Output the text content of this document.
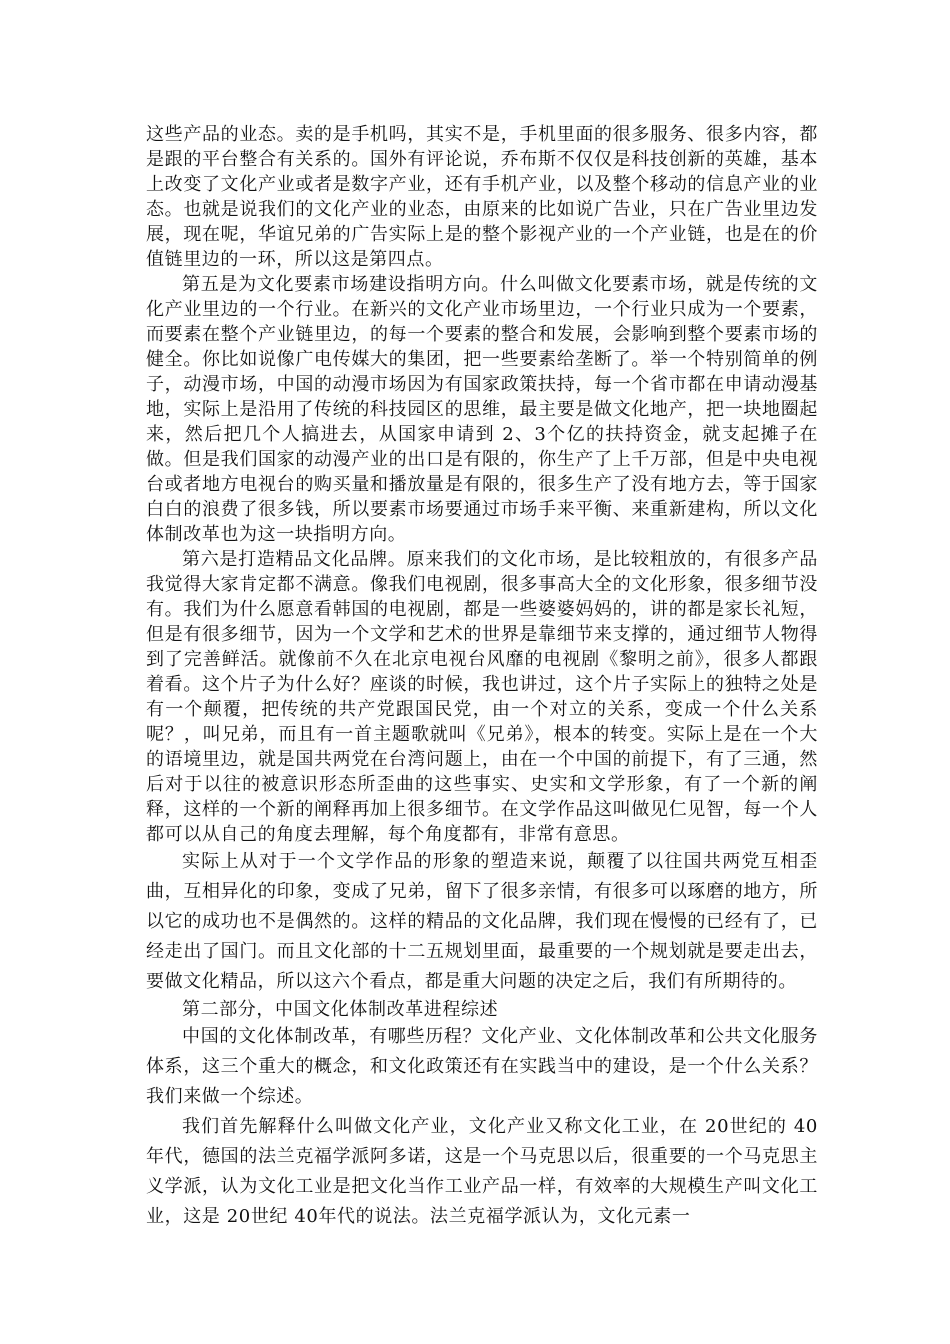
这些产品的业态。卖的是手机吗，其实不是，手机里面的很多服务、很多内容，都是跟的平台整合有关系的。国外有评论说，乔布斯不仅仅是科技创新的英雄，基本上改变了文化产业或者是数字产业，还有手机产业，以及整个移动的信息产业的业态。也就是说我们的文化产业的业态，由原来的比如说广告业，只在广告业里边发展，现在呢，华谊兄弟的广告实际上是的整个影视产业的一个产业链，也是在的价值链里边的一环，所以这是第四点。

第五是为文化要素市场建设指明方向。什么叫做文化要素市场，就是传统的文化产业里边的一个行业。在新兴的文化产业市场里边，一个行业只成为一个要素，而要素在整个产业链里边，的每一个要素的整合和发展，会影响到整个要素市场的健全。你比如说像广电传媒大的集团，把一些要素给垄断了。举一个特别简单的例子，动漫市场，中国的动漫市场因为有国家政策扶持，每一个省市都在申请动漫基地，实际上是沿用了传统的科技园区的思维，最主要是做文化地产，把一块地圈起来，然后把几个人搞进去，从国家申请到 2、3个亿的扶持资金，就支起摊子在做。但是我们国家的动漫产业的出口是有限的，你生产了上千万部，但是中央电视台或者地方电视台的购买量和播放量是有限的，很多生产了没有地方去，等于国家白白的浪费了很多钱，所以要素市场要通过市场手来平衡、来重新建构，所以文化体制改革也为这一块指明方向。

第六是打造精品文化品牌。原来我们的文化市场，是比较粗放的，有很多产品我觉得大家肯定都不满意。像我们电视剧，很多事高大全的文化形象，很多细节没有。我们为什么愿意看韩国的电视剧，都是一些婆婆妈妈的，讲的都是家长礼短，但是有很多细节，因为一个文学和艺术的世界是靠细节来支撑的，通过细节人物得到了完善鲜活。就像前不久在北京电视台风靡的电视剧《黎明之前》，很多人都跟着看。这个片子为什么好？座谈的时候，我也讲过，这个片子实际上的独特之处是有一个颠覆，把传统的共产党跟国民党，由一个对立的关系，变成一个什么关系呢？，叫兄弟，而且有一首主题歌就叫《兄弟》，根本的转变。实际上是在一个大的语境里边，就是国共两党在台湾问题上，由在一个中国的前提下，有了三通，然后对于以往的被意识形态所歪曲的这些事实、史实和文学形象，有了一个新的阐释，这样的一个新的阐释再加上很多细节。在文学作品这叫做见仁见智，每一个人都可以从自己的角度去理解，每个角度都有，非常有意思。

实际上从对于一个文学作品的形象的塑造来说，颠覆了以往国共两党互相歪曲，互相异化的印象，变成了兄弟，留下了很多亲情，有很多可以琢磨的地方，所以它的成功也不是偶然的。这样的精品的文化品牌，我们现在慢慢的已经有了，已经走出了国门。而且文化部的十二五规划里面，最重要的一个规划就是要走出去，要做文化精品，所以这六个看点，都是重大问题的决定之后，我们有所期待的。

第二部分，中国文化体制改革进程综述

中国的文化体制改革，有哪些历程？文化产业、文化体制改革和公共文化服务体系，这三个重大的概念，和文化政策还有在实践当中的建设，是一个什么关系？我们来做一个综述。

我们首先解释什么叫做文化产业，文化产业又称文化工业，在 20世纪的 40年代，德国的法兰克福学派阿多诺，这是一个马克思以后，很重要的一个马克思主义学派，认为文化工业是把文化当作工业产品一样，有效率的大规模生产叫文化工业，这是 20世纪 40年代的说法。法兰克福学派认为，文化元素一
